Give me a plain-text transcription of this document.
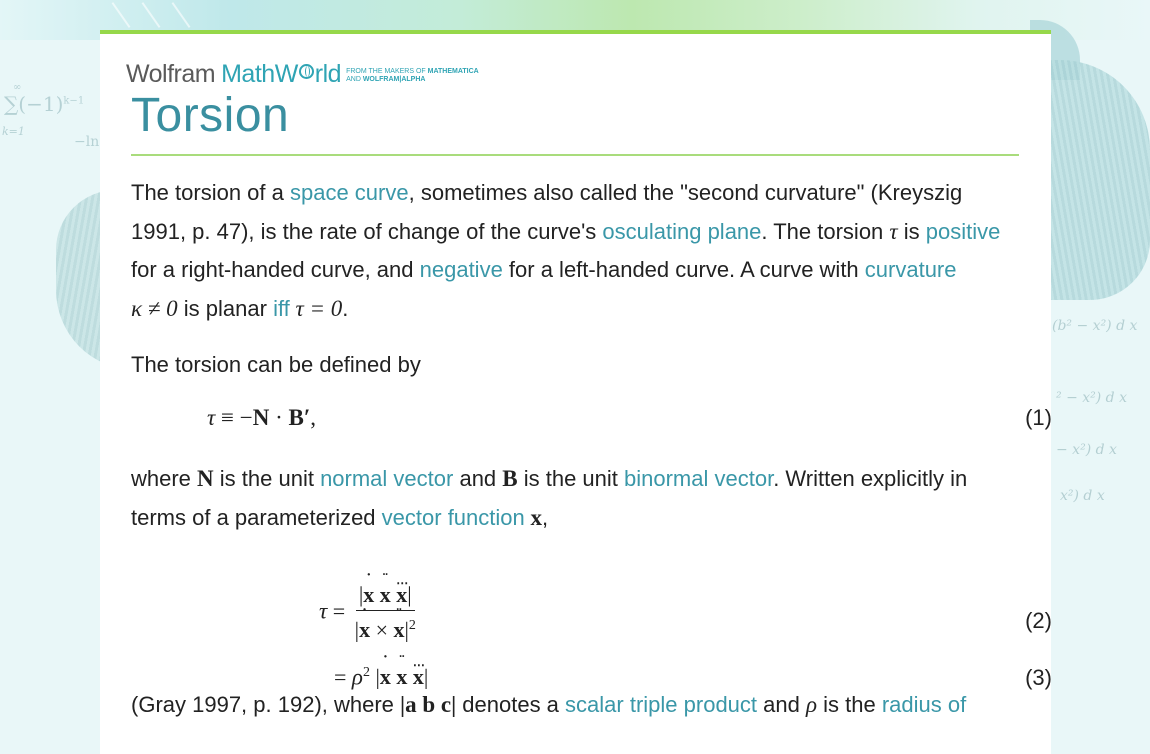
∞
$\sum(-1)^{k-1}$
k=1
−ln
(b² − x²) d x
² − x²) d x
− x²) d x
x²) d x
Wolfram MathW rld FROM THE MAKERS OF MATHEMATICA
AND WOLFRAM|ALPHA
Torsion

The torsion of a space curve, sometimes also called the "second curvature" (Kreyszig 1991, p. 47), is the rate of change of the curve's osculating plane. The torsion τ is positive for a right-handed curve, and negative for a left-handed curve. A curve with curvature
κ ≠ 0 is planar iff τ = 0.

The torsion can be defined by

τ ≡ −N · B′,	(1)

where N is the unit normal vector and B is the unit binormal vector. Written explicitly in terms of a parameterized vector function x,

$\tau = \frac{|˙ x ¨ x \cdots x|}{|˙ x \times ¨ x|^2}$	(2)
= $\rho^2$ |˙ x ¨ x ⋯ x|	(3)

(Gray 1997, p. 192), where |a b c| denotes a scalar triple product and ρ is the radius of
